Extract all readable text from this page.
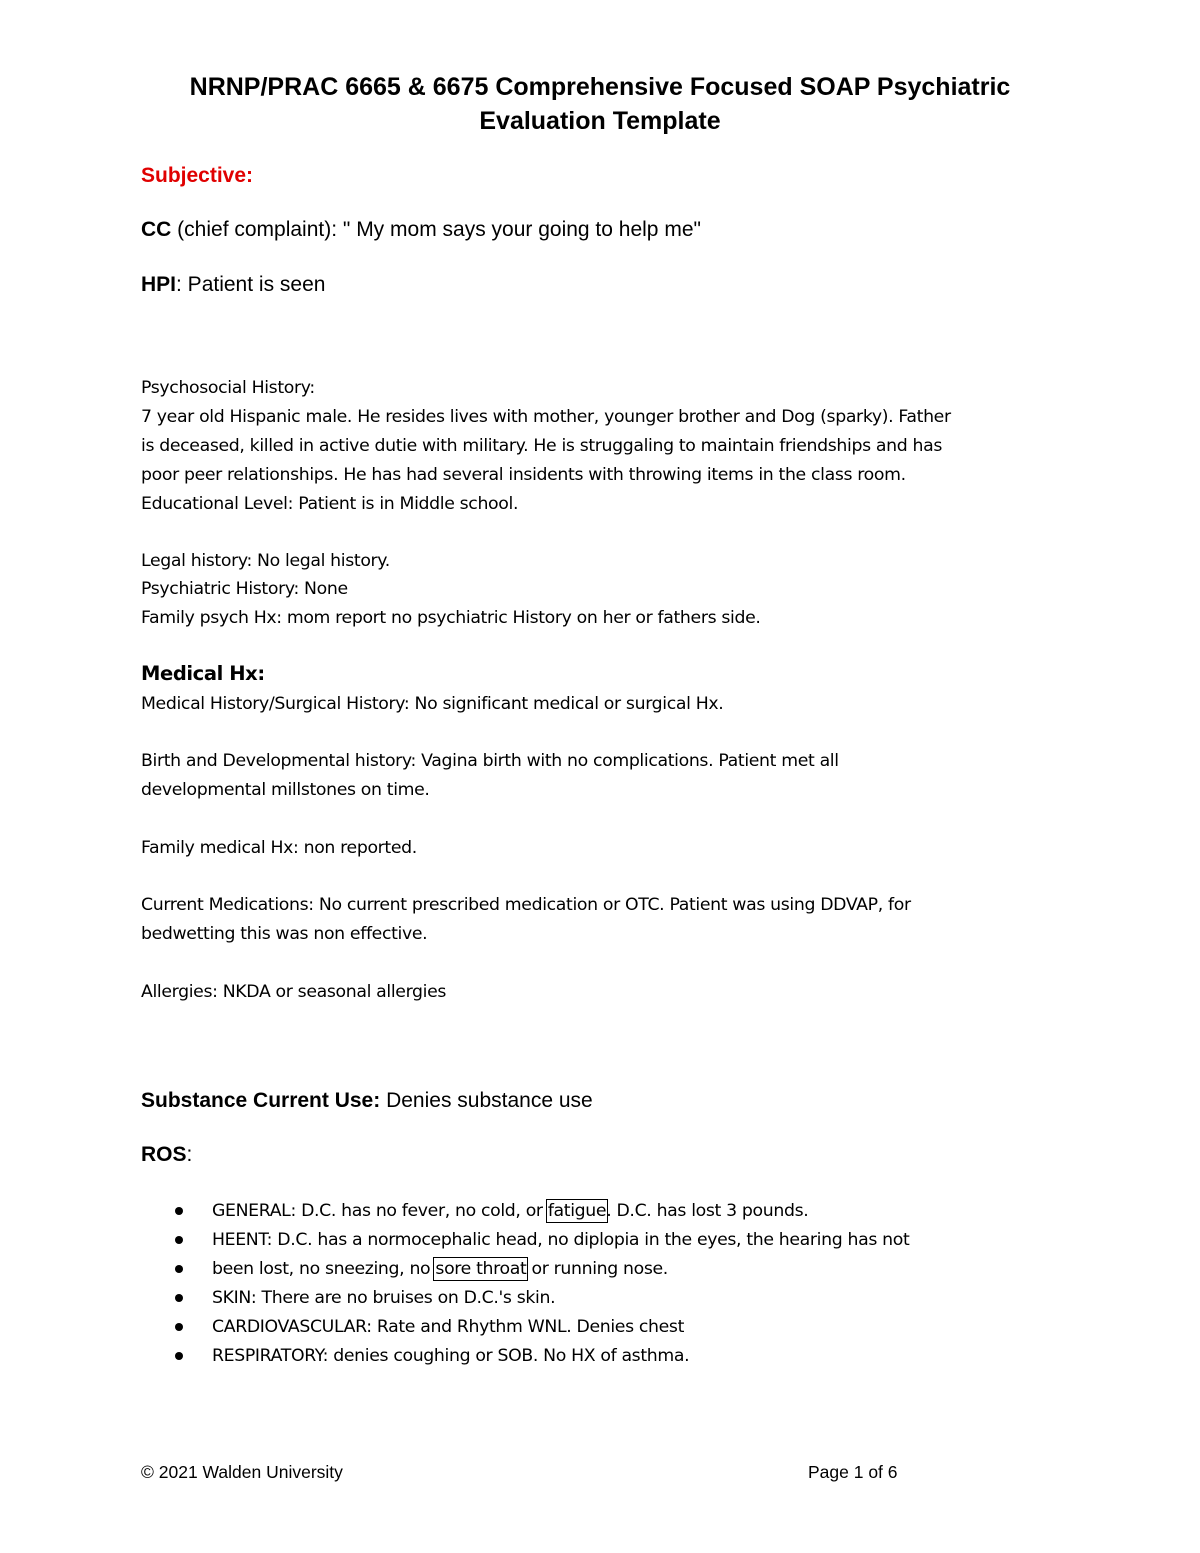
NRNP/PRAC 6665 & 6675 Comprehensive Focused SOAP Psychiatric
Evaluation Template
Subjective:
CC (chief complaint): " My mom says your going to help me"
HPI: Patient is seen
Psychosocial History:
7 year old Hispanic male. He resides lives with mother, younger brother and Dog (sparky). Father
is deceased, killed in active dutie with military. He is struggaling to maintain friendships and has
poor peer relationships. He has had several insidents with throwing items in the class room.
Educational Level: Patient is in Middle school.
Legal history: No legal history.
Psychiatric History: None
Family psych Hx: mom report no psychiatric History on her or fathers side.
Medical Hx:
Medical History/Surgical History: No significant medical or surgical Hx.
Birth and Developmental history: Vagina birth with no complications. Patient met all
developmental millstones on time.
Family medical Hx: non reported.
Current Medications: No current prescribed medication or OTC. Patient was using DDVAP, for
bedwetting this was non effective.
Allergies: NKDA or seasonal allergies
Substance Current Use: Denies substance use
ROS:
GENERAL: D.C. has no fever, no cold, or fatigue. D.C. has lost 3 pounds.
HEENT: D.C. has a normocephalic head, no diplopia in the eyes, the hearing has not
been lost, no sneezing, no sore throat or running nose.
SKIN: There are no bruises on D.C.'s skin.
CARDIOVASCULAR: Rate and Rhythm WNL. Denies chest
RESPIRATORY: denies coughing or SOB. No HX of asthma.
© 2021 Walden University	Page 1 of 6
